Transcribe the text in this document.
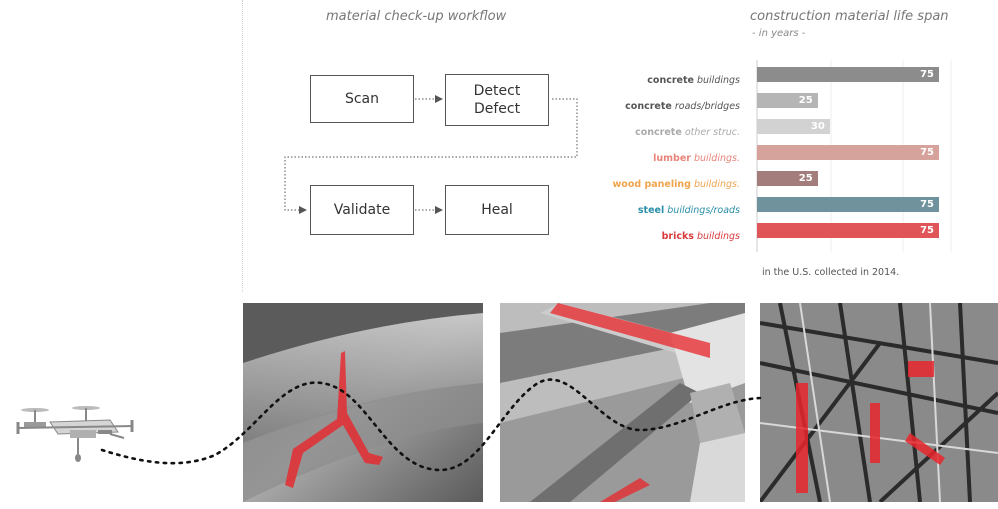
material check-up workflow
Scan	Detect
Defect
Validate	Heal
construction material life span
- in years -
concrete buildings
75
concrete roads/bridges
25
concrete other struc.
30
lumber buildings.
75
wood paneling buildings.
25
steel buildings/roads
75
bricks buildings
75
in the U.S. collected in 2014.
